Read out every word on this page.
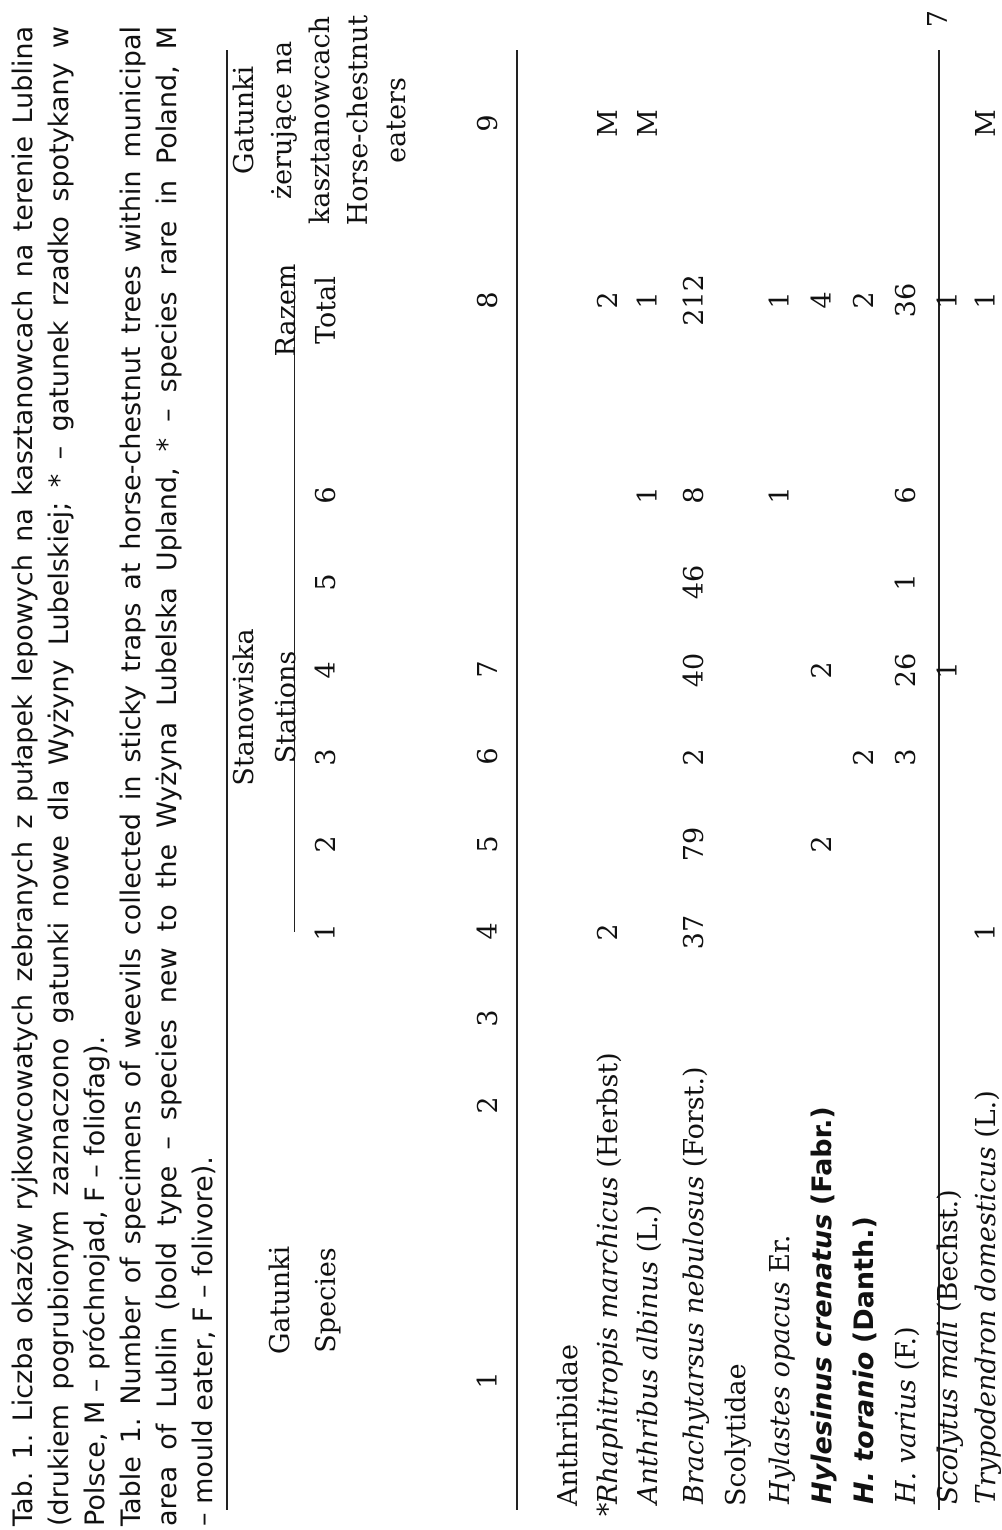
Tab. 1. Liczba okazów ryjkowcowatych zebranych z pułapek lepowych na kasztanowcach na terenie Lublina (drukiem pogrubionym zaznaczono gatunki nowe dla Wyżyny Lubelskiej; * – gatunek rzadko spotykany w Polsce, M – próchnojad, F – foliofag). Table 1. Number of specimens of weevils collected in sticky traps at horse-chestnut trees within municipal area of Lublin (bold type – species new to the Wyżyna Lubelska Upland, * – species rare in Poland, M – mould eater, F – folivore). Gatunki Species
Stanowiska Stations
Razem Total
Gatunki żerujące na kasztanowcach Horse-chestnut eaters
7
1
2
3
4
5
6
1
2
3
4
5
6
7
8
9
Anthribidae
*
Rhaphitropis marchicus (Herbst)
2
2
M
Anthribus albinus (L.)
1
1
M
Brachytarsus nebulosus (Forst.)
37
79
2
40
46
8
212
Scolytidae Hylastes opacus Er.
1
1
Hylesinus crenatus (Fabr.)
2
2
4
H. toranio (Danth.)
2
2
H. varius (F.)
3
26
1
6
36
Scolytus mali (Bechst.)
1
1
Trypodendron domesticus (L.)
1
1
M
